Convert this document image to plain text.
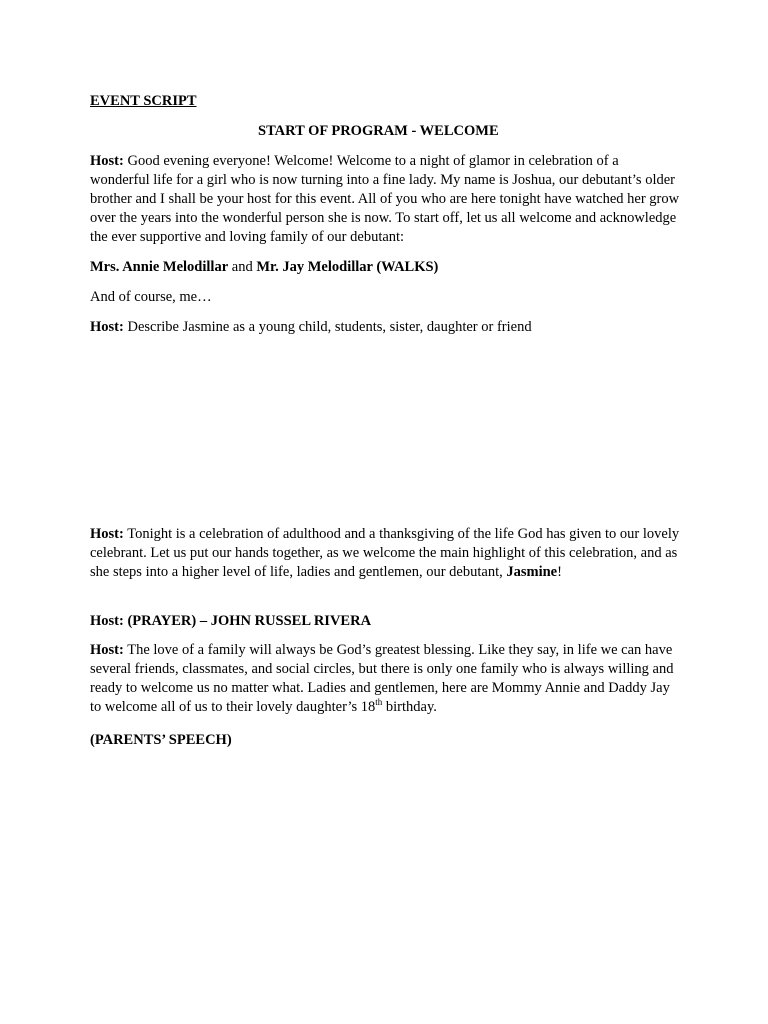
EVENT SCRIPT
START OF PROGRAM - WELCOME
Host: Good evening everyone! Welcome! Welcome to a night of glamor in celebration of a wonderful life for a girl who is now turning into a fine lady. My name is Joshua, our debutant’s older brother and I shall be your host for this event. All of you who are here tonight have watched her grow over the years into the wonderful person she is now. To start off, let us all welcome and acknowledge the ever supportive and loving family of our debutant:
Mrs. Annie Melodillar and Mr. Jay Melodillar (WALKS)
And of course, me…
Host: Describe Jasmine as a young child, students, sister, daughter or friend
Host: Tonight is a celebration of adulthood and a thanksgiving of the life God has given to our lovely celebrant. Let us put our hands together, as we welcome the main highlight of this celebration, and as she steps into a higher level of life, ladies and gentlemen, our debutant, Jasmine!
Host: (PRAYER) – JOHN RUSSEL RIVERA
Host: The love of a family will always be God’s greatest blessing. Like they say, in life we can have several friends, classmates, and social circles, but there is only one family who is always willing and ready to welcome us no matter what. Ladies and gentlemen, here are Mommy Annie and Daddy Jay to welcome all of us to their lovely daughter’s 18th birthday.
(PARENTS’ SPEECH)
